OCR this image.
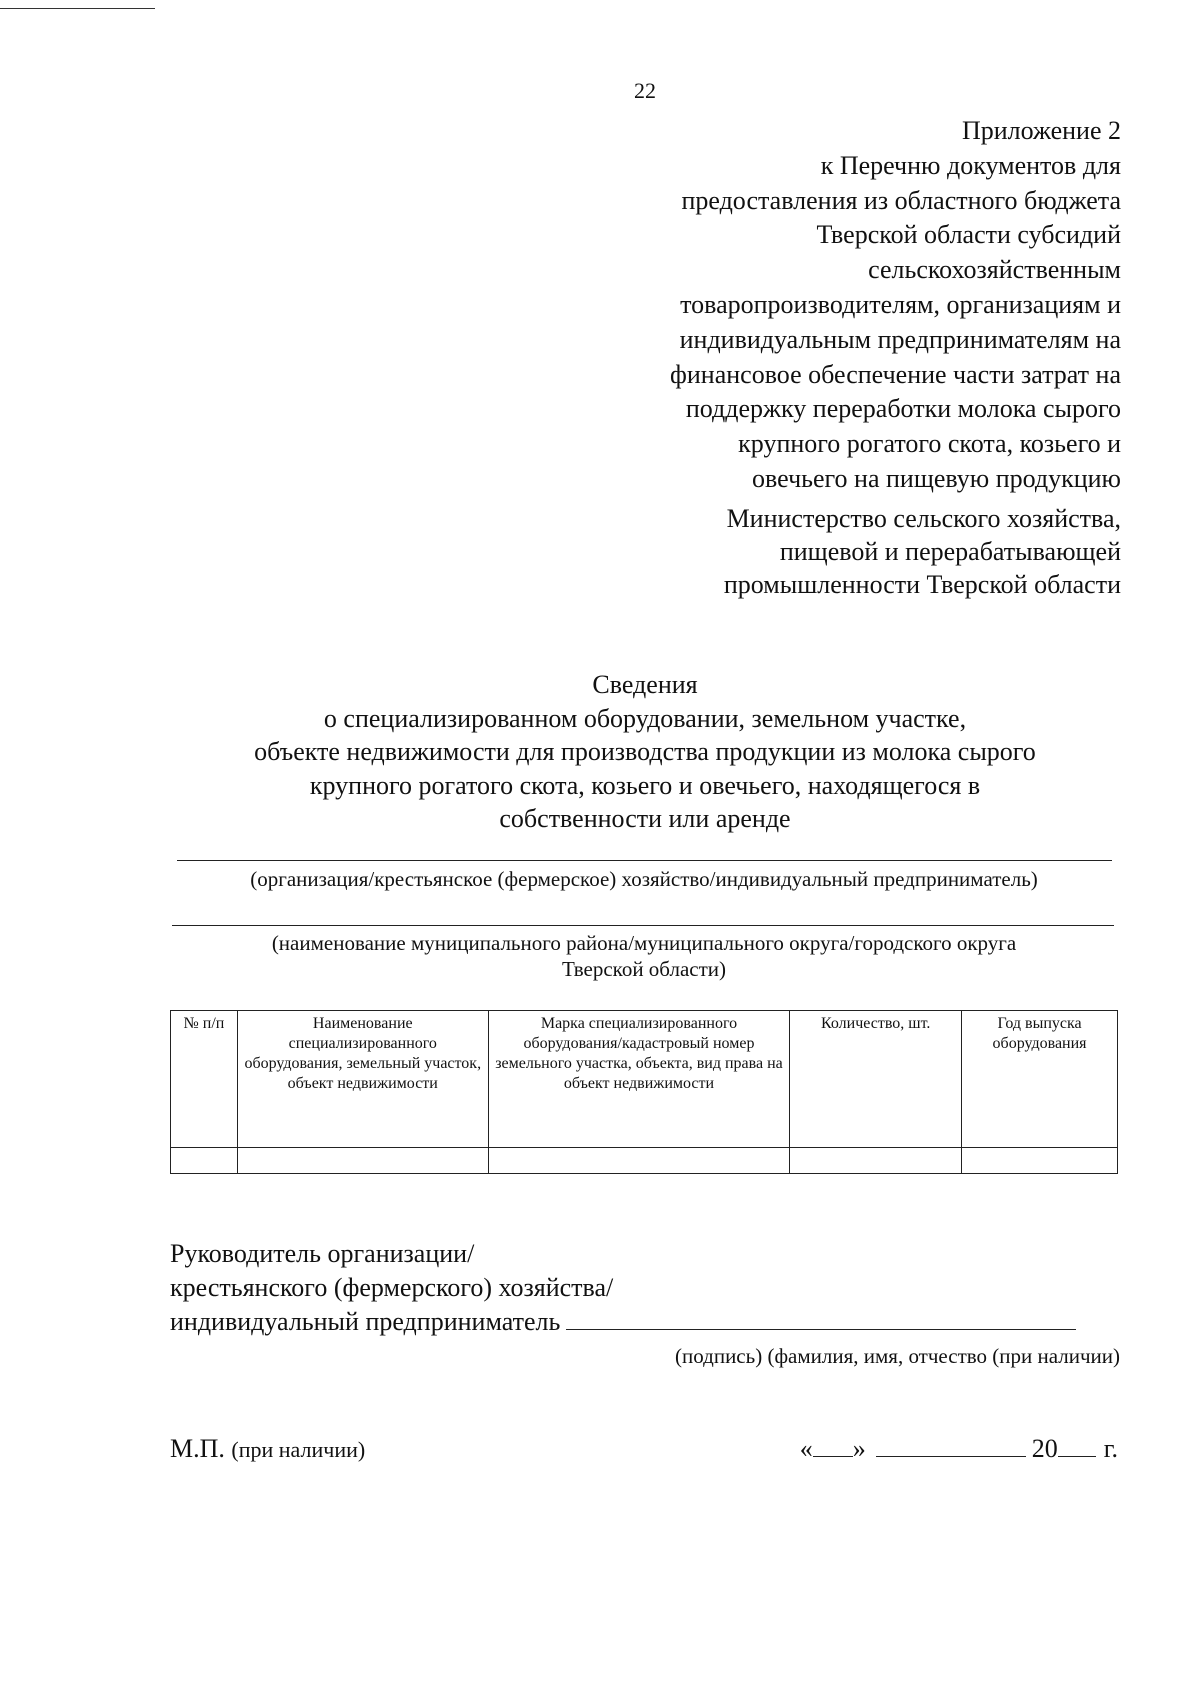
22
Приложение 2
к Перечню документов для
предоставления из областного бюджета
Тверской области субсидий
сельскохозяйственным
товаропроизводителям, организациям и
индивидуальным предпринимателям на
финансовое обеспечение части затрат на
поддержку переработки молока сырого
крупного рогатого скота, козьего и
овечьего на пищевую продукцию
Министерство сельского хозяйства,
пищевой и перерабатывающей
промышленности Тверской области
Сведения
о специализированном оборудовании, земельном участке,
объекте недвижимости для производства продукции из молока сырого
крупного рогатого скота, козьего и овечьего, находящегося в
собственности или аренде
(организация/крестьянское (фермерское) хозяйство/индивидуальный предприниматель)
(наименование муниципального района/муниципального округа/городского округа
Тверской области)
№ п/п	Наименование специализированного оборудования, земельный участок, объект недвижимости	Марка специализированного оборудования/кадастровый номер земельного участка, объекта, вид права на объект недвижимости	Количество, шт.	Год выпуска оборудования

Руководитель организации/
крестьянского (фермерского) хозяйства/
индивидуальный предприниматель
(подпись) (фамилия, имя, отчество (при наличии)
М.П. (при наличии)	« »	20 г.
